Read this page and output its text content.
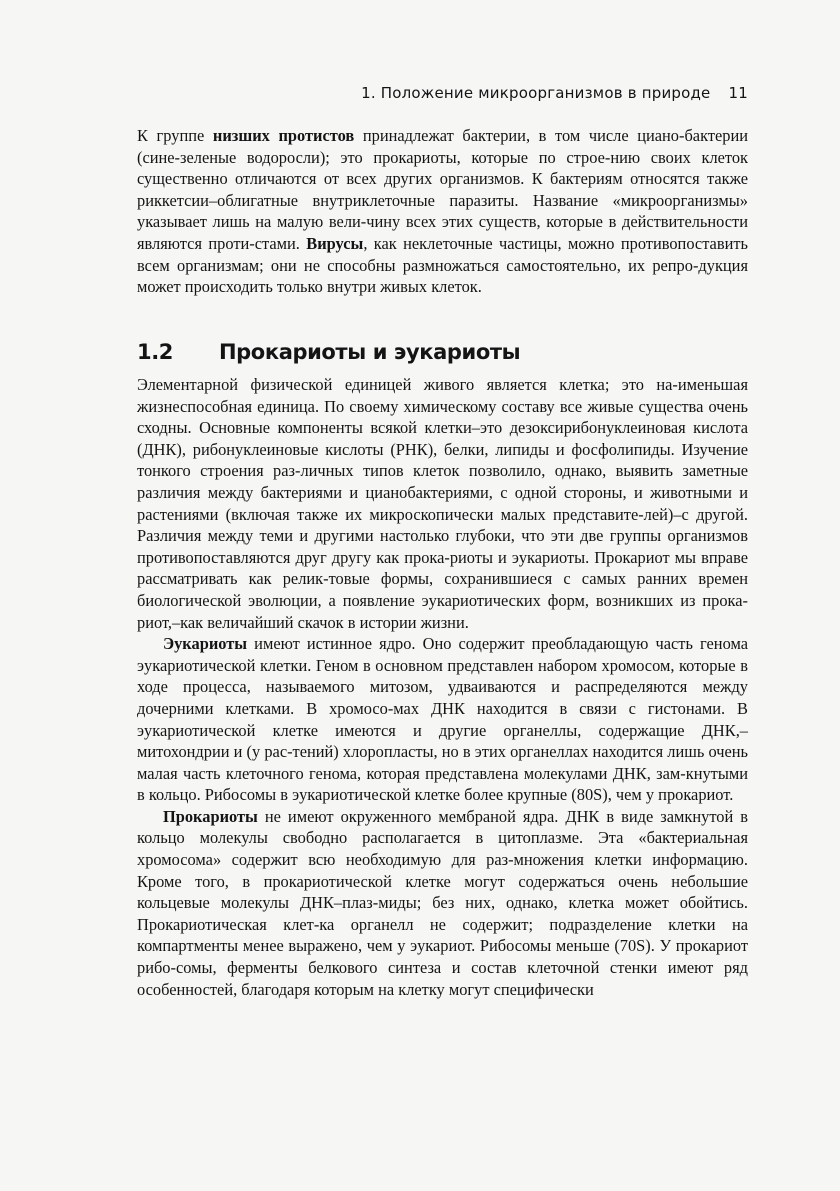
1. Положение микроорганизмов в природе 11

К группе низших протистов принадлежат бактерии, в том числе циано-бактерии (сине-зеленые водоросли); это прокариоты, которые по строе-нию своих клеток существенно отличаются от всех других организмов. К бактериям относятся также риккетсии–облигатные внутриклеточные паразиты. Название «микроорганизмы» указывает лишь на малую вели-чину всех этих существ, которые в действительности являются проти-стами. Вирусы, как неклеточные частицы, можно противопоставить всем организмам; они не способны размножаться самостоятельно, их репро-дукция может происходить только внутри живых клеток.

1.2 Прокариоты и эукариоты

Элементарной физической единицей живого является клетка; это на-именьшая жизнеспособная единица. По своему химическому составу все живые существа очень сходны. Основные компоненты всякой клетки–это дезоксирибонуклеиновая кислота (ДНК), рибонуклеиновые кислоты (РНК), белки, липиды и фосфолипиды. Изучение тонкого строения раз-личных типов клеток позволило, однако, выявить заметные различия между бактериями и цианобактериями, с одной стороны, и животными и растениями (включая также их микроскопически малых представите-лей)–с другой. Различия между теми и другими настолько глубоки, что эти две группы организмов противопоставляются друг другу как прока-риоты и эукариоты. Прокариот мы вправе рассматривать как релик-товые формы, сохранившиеся с самых ранних времен биологической эволюции, а появление эукариотических форм, возникших из прока-риот,–как величайший скачок в истории жизни.

Эукариоты имеют истинное ядро. Оно содержит преобладающую часть генома эукариотической клетки. Геном в основном представлен набором хромосом, которые в ходе процесса, называемого митозом, удваиваются и распределяются между дочерними клетками. В хромосо-мах ДНК находится в связи с гистонами. В эукариотической клетке имеются и другие органеллы, содержащие ДНК,–митохондрии и (у рас-тений) хлоропласты, но в этих органеллах находится лишь очень малая часть клеточного генома, которая представлена молекулами ДНК, зам-кнутыми в кольцо. Рибосомы в эукариотической клетке более крупные (80S), чем у прокариот.

Прокариоты не имеют окруженного мембраной ядра. ДНК в виде замкнутой в кольцо молекулы свободно располагается в цитоплазме. Эта «бактериальная хромосома» содержит всю необходимую для раз-множения клетки информацию. Кроме того, в прокариотической клетке могут содержаться очень небольшие кольцевые молекулы ДНК–плаз-миды; без них, однако, клетка может обойтись. Прокариотическая клет-ка органелл не содержит; подразделение клетки на компартменты менее выражено, чем у эукариот. Рибосомы меньше (70S). У прокариот рибо-сомы, ферменты белкового синтеза и состав клеточной стенки имеют ряд особенностей, благодаря которым на клетку могут специфически
